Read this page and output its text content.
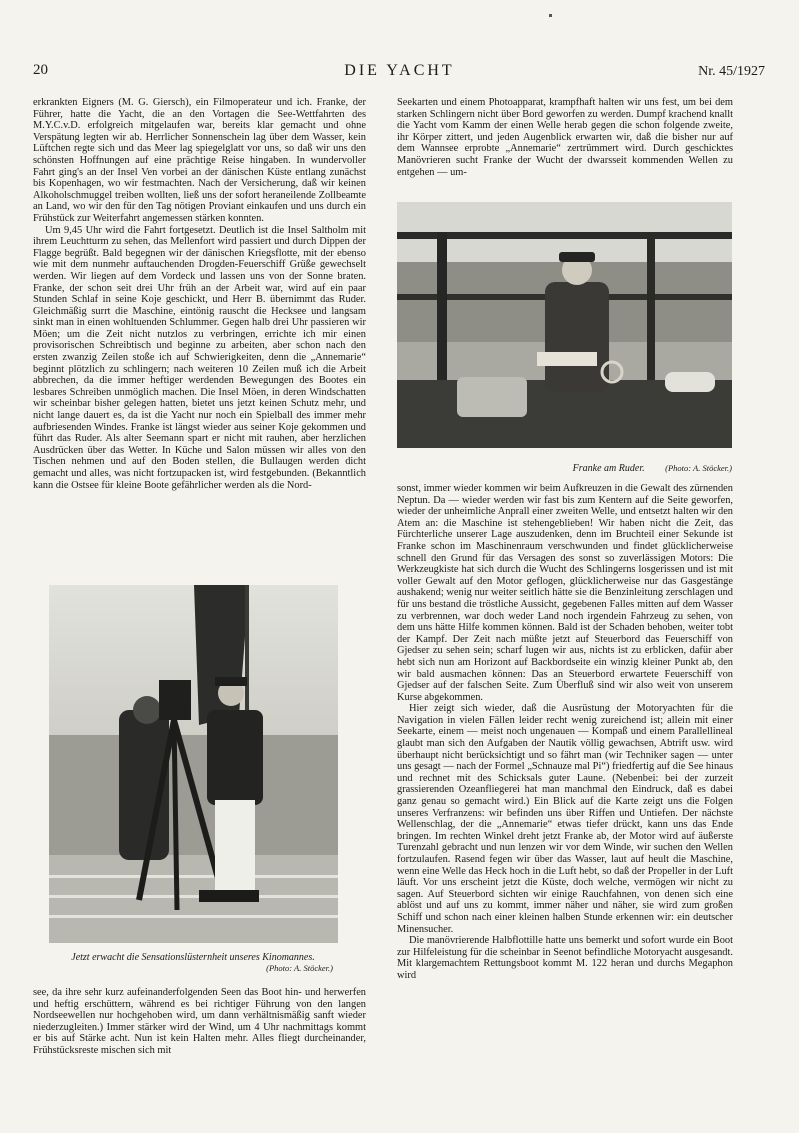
20	DIE YACHT	Nr. 45/1927

erkrankten Eigners (M. G. Giersch), ein Filmoperateur und ich. Franke, der Führer, hatte die Yacht, die an den Vortagen die See-Wettfahrten des M.Y.C.v.D. erfolgreich mitgelaufen war, bereits klar gemacht und ohne Verspätung legten wir ab. Herrlicher Sonnenschein lag über dem Wasser, kein Lüftchen regte sich und das Meer lag spiegelglatt vor uns, so daß wir uns den schönsten Hoffnungen auf eine prächtige Reise hingaben. In wundervoller Fahrt ging's an der Insel Ven vorbei an der dänischen Küste entlang zunächst bis Kopenhagen, wo wir festmachten. Nach der Versicherung, daß wir keinen Alkoholschmuggel treiben wollten, ließ uns der sofort heraneilende Zollbeamte an Land, wo wir den für den Tag nötigen Proviant einkaufen und uns durch ein Frühstück zur Weiterfahrt angemessen stärken konnten.

Um 9,45 Uhr wird die Fahrt fortgesetzt. Deutlich ist die Insel Saltholm mit ihrem Leuchtturm zu sehen, das Mellenfort wird passiert und durch Dippen der Flagge begrüßt. Bald begegnen wir der dänischen Kriegsflotte, mit der ebenso wie mit dem nunmehr auftauchenden Drogden-Feuerschiff Grüße gewechselt werden. Wir liegen auf dem Vordeck und lassen uns von der Sonne braten. Franke, der schon seit drei Uhr früh an der Arbeit war, wird auf ein paar Stunden Schlaf in seine Koje geschickt, und Herr B. übernimmt das Ruder. Gleichmäßig surrt die Maschine, eintönig rauscht die Hecksee und langsam sinkt man in einen wohltuenden Schlummer. Gegen halb drei Uhr passieren wir Möen; um die Zeit nicht nutzlos zu verbringen, errichte ich mir einen provisorischen Schreibtisch und beginne zu arbeiten, aber schon nach den ersten zwanzig Zeilen stoße ich auf Schwierigkeiten, denn die „Annemarie“ beginnt plötzlich zu schlingern; nach weiteren 10 Zeilen muß ich die Arbeit abbrechen, da die immer heftiger werdenden Bewegungen des Bootes ein lesbares Schreiben unmöglich machen. Die Insel Möen, in deren Windschatten wir scheinbar bisher gelegen hatten, bietet uns jetzt keinen Schutz mehr, und nicht lange dauert es, da ist die Yacht nur noch ein Spielball des immer mehr aufbriesenden Windes. Franke ist längst wieder aus seiner Koje gekommen und führt das Ruder. Als alter Seemann spart er nicht mit rauhen, aber herzlichen Ausdrücken über das Wetter. In Küche und Salon müssen wir alles von den Tischen nehmen und auf den Boden stellen, die Bullaugen werden dicht gemacht und alles, was nicht fortzupacken ist, wird festgebunden. (Bekanntlich kann die Ostsee für kleine Boote gefährlicher werden als die Nord-

Jetzt erwacht die Sensationslüsternheit unseres Kinomannes.
(Photo: A. Stöcker.)

see, da ihre sehr kurz aufeinanderfolgenden Seen das Boot hin- und herwerfen und heftig erschüttern, während es bei richtiger Führung von den langen Nordseewellen nur hochgehoben wird, um dann verhältnismäßig sanft wieder niederzugleiten.) Immer stärker wird der Wind, um 4 Uhr nachmittags kommt er bis auf Stärke acht. Nun ist kein Halten mehr. Alles fliegt durcheinander, Frühstücksreste mischen sich mit

Seekarten und einem Photoapparat, krampfhaft halten wir uns fest, um bei dem starken Schlingern nicht über Bord geworfen zu werden. Dumpf krachend knallt die Yacht vom Kamm der einen Welle herab gegen die schon folgende zweite, ihr Körper zittert, und jeden Augenblick erwarten wir, daß die bisher nur auf dem Wannsee erprobte „Annemarie“ zertrümmert wird. Durch geschicktes Manövrieren sucht Franke der Wucht der dwarsseit kommenden Wellen zu entgehen — um-

Franke am Ruder. (Photo: A. Stöcker.)

sonst, immer wieder kommen wir beim Aufkreuzen in die Gewalt des zürnenden Neptun. Da — wieder werden wir fast bis zum Kentern auf die Seite geworfen, wieder der unheimliche Anprall einer zweiten Welle, und entsetzt halten wir den Atem an: die Maschine ist stehengeblieben! Wir haben nicht die Zeit, das Fürchterliche unserer Lage auszudenken, denn im Bruchteil einer Sekunde ist Franke schon im Maschinenraum verschwunden und findet glücklicherweise schnell den Grund für das Versagen des sonst so zuverlässigen Motors: Die Werkzeugkiste hat sich durch die Wucht des Schlingerns losgerissen und ist mit voller Gewalt auf den Motor geflogen, glücklicherweise nur das Gasgestänge aushakend; wenig nur weiter seitlich hätte sie die Benzinleitung zerschlagen und für uns bestand die tröstliche Aussicht, gegebenen Falles mitten auf dem Wasser zu verbrennen, war doch weder Land noch irgendein Fahrzeug zu sehen, von dem uns hätte Hilfe kommen können. Bald ist der Schaden behoben, weiter tobt der Kampf. Der Zeit nach müßte jetzt auf Steuerbord das Feuerschiff von Gjedser zu sehen sein; scharf lugen wir aus, nichts ist zu erblicken, dafür aber hebt sich nun am Horizont auf Backbordseite ein winzig kleiner Punkt ab, den wir bald ausmachen können: Das an Steuerbord erwartete Feuerschiff von Gjedser auf der falschen Seite. Zum Überfluß sind wir also weit von unserem Kurse abgekommen.

Hier zeigt sich wieder, daß die Ausrüstung der Motoryachten für die Navigation in vielen Fällen leider recht wenig zureichend ist; allein mit einer Seekarte, einem — meist noch ungenauen — Kompaß und einem Parallellineal glaubt man sich den Aufgaben der Nautik völlig gewachsen, Abtrift usw. wird überhaupt nicht berücksichtigt und so fährt man (wir Techniker sagen — unter uns gesagt — nach der Formel „Schnauze mal Pi“) friedfertig auf die See hinaus und rechnet mit des Schicksals guter Laune. (Nebenbei: bei der zurzeit grassierenden Ozeanfliegerei hat man manchmal den Eindruck, daß es dabei ganz genau so gemacht wird.) Ein Blick auf die Karte zeigt uns die Folgen unseres Verfranzens: wir befinden uns über Riffen und Untiefen. Der nächste Wellenschlag, der die „Annemarie“ etwas tiefer drückt, kann uns das Ende bringen. Im rechten Winkel dreht jetzt Franke ab, der Motor wird auf äußerste Turenzahl gebracht und nun lenzen wir vor dem Winde, wir suchen den Wellen fortzulaufen. Rasend fegen wir über das Wasser, laut auf heult die Maschine, wenn eine Welle das Heck hoch in die Luft hebt, so daß der Propeller in der Luft läuft. Vor uns erscheint jetzt die Küste, doch welche, vermögen wir nicht zu sagen. Auf Steuerbord sichten wir einige Rauchfahnen, von denen sich eine ablöst und auf uns zu kommt, immer näher und näher, sie wird zum großen Schiff und schon nach einer kleinen halben Stunde erkennen wir: ein deutscher Minensucher.

Die manövrierende Halbflottille hatte uns bemerkt und sofort wurde ein Boot zur Hilfeleistung für die scheinbar in Seenot befindliche Motoryacht ausgesandt. Mit klargemachtem Rettungsboot kommt M. 122 heran und durchs Megaphon wird
